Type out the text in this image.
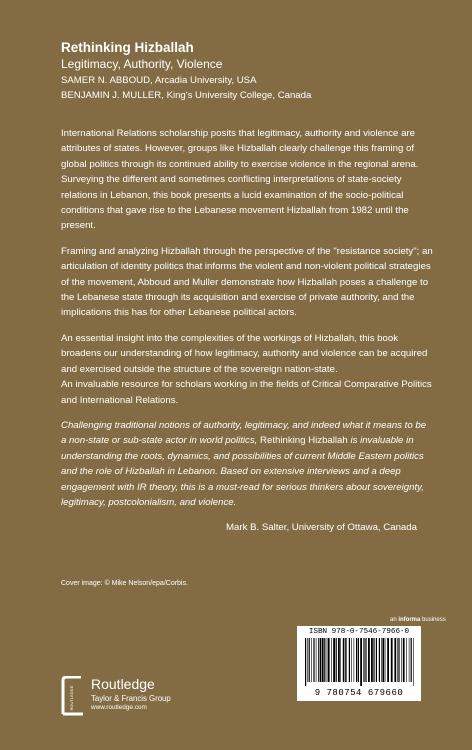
Rethinking Hizballah

Legitimacy, Authority, Violence

SAMER N. ABBOUD, Arcadia University, USA

BENJAMIN J. MULLER, King's University College, Canada

International Relations scholarship posits that legitimacy, authority and violence are attributes of states. However, groups like Hizballah clearly challenge this framing of global politics through its continued ability to exercise violence in the regional arena. Surveying the different and sometimes conflicting interpretations of state-society relations in Lebanon, this book presents a lucid examination of the socio-political conditions that gave rise to the Lebanese movement Hizballah from 1982 until the present.

Framing and analyzing Hizballah through the perspective of the "resistance society"; an articulation of identity politics that informs the violent and non-violent political strategies of the movement, Abboud and Muller demonstrate how Hizballah poses a challenge to the Lebanese state through its acquisition and exercise of private authority, and the implications this has for other Lebanese political actors.

An essential insight into the complexities of the workings of Hizballah, this book broadens our understanding of how legitimacy, authority and violence can be acquired and exercised outside the structure of the sovereign nation-state.

An invaluable resource for scholars working in the fields of Critical Comparative Politics and International Relations.

Challenging traditional notions of authority, legitimacy, and indeed what it means to be a non-state or sub-state actor in world politics, Rethinking Hizballah is invaluable in understanding the roots, dynamics, and possibilities of current Middle Eastern politics and the role of Hizballah in Lebanon. Based on extensive interviews and a deep engagement with IR theory, this is a must-read for serious thinkers about sovereignty, legitimacy, postcolonialism, and violence.

Mark B. Salter, University of Ottawa, Canada

Cover image: © Mike Nelson/epa/Corbis.
an informa business
ISBN 978-0-7546-7966-0
9 780754 679660
ROUTLEDGE
Routledge
Taylor & Francis Group
www.routledge.com
